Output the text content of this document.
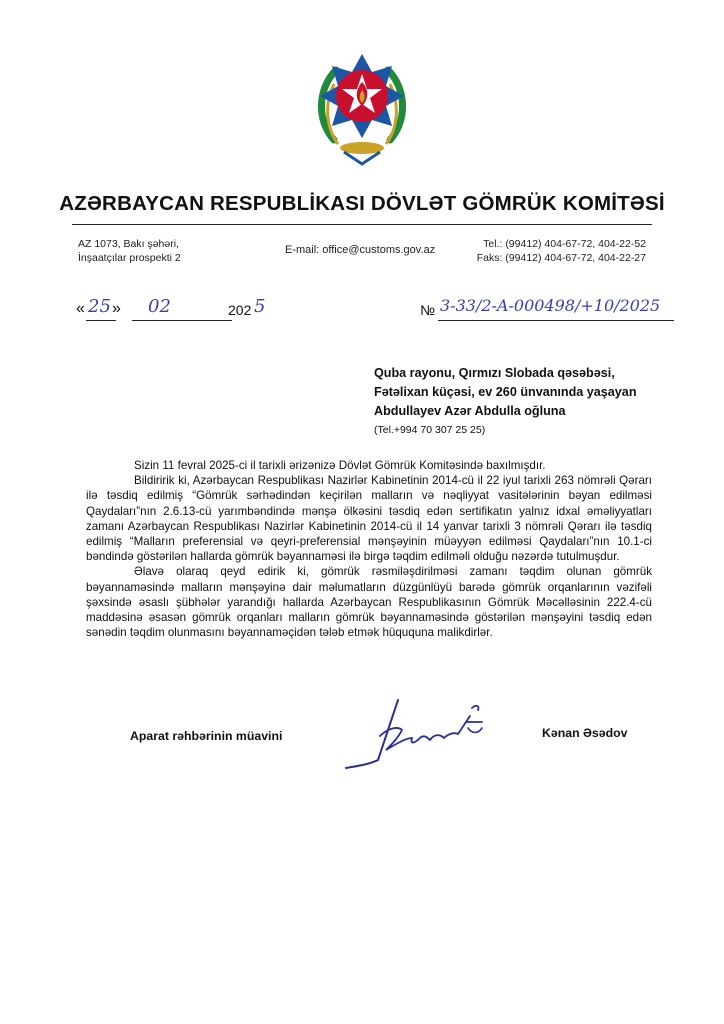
AZƏRBAYCAN RESPUBLİKASI DÖVLƏT GÖMRÜK KOMİTƏSİ
AZ 1073, Bakı şəhəri,
İnşaatçılar prospekti 2
E-mail: office@customs.gov.az	Tel.: (99412) 404-67-72, 404-22-52
Faks: (99412) 404-67-72, 404-22-27
« 25 » 02	202 5	№ 3-33/2-A-000498/+10/2025
Quba rayonu, Qırmızı Slobada qəsəbəsi,
Fətəlixan küçəsi, ev 260 ünvanında yaşayan
Abdullayev Azər Abdulla oğluna
(Tel.+994 70 307 25 25)

Sizin 11 fevral 2025-ci il tarixli ərizənizə Dövlət Gömrük Komitəsində baxılmışdır.

Bildiririk ki, Azərbaycan Respublikası Nazirlər Kabinetinin 2014-cü il 22 iyul tarixli 263 nömrəli Qərarı ilə təsdiq edilmiş “Gömrük sərhədindən keçirilən malların və nəqliyyat vasitələrinin bəyan edilməsi Qaydaları”nın 2.6.13-cü yarımbəndində mənşə ölkəsini təsdiq edən sertifikatın yalnız idxal əməliyyatları zamanı Azərbaycan Respublikası Nazirlər Kabinetinin 2014-cü il 14 yanvar tarixli 3 nömrəli Qərarı ilə təsdiq edilmiş “Malların preferensial və qeyri-preferensial mənşəyinin müəyyən edilməsi Qaydaları”nın 10.1-ci bəndində göstərilən hallarda gömrük bəyannaməsi ilə birgə təqdim edilməli olduğu nəzərdə tutulmuşdur.

Əlavə olaraq qeyd edirik ki, gömrük rəsmiləşdirilməsi zamanı təqdim olunan gömrük bəyannaməsində malların mənşəyinə dair məlumatların düzgünlüyü barədə gömrük orqanlarının vəzifəli şəxsində əsaslı şübhələr yarandığı hallarda Azərbaycan Respublikasının Gömrük Məcəlləsinin 222.4-cü maddəsinə əsasən gömrük orqanları malların gömrük bəyannaməsində göstərilən mənşəyini təsdiq edən sənədin təqdim olunmasını bəyannaməçidən tələb etmək hüququna malikdirlər.

Aparat rəhbərinin müavini	Kənan Əsədov
